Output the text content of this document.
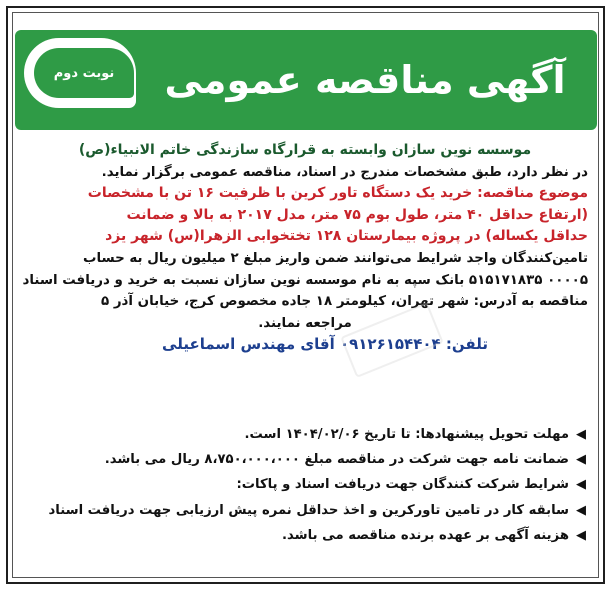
نوبت دوم	آگهی مناقصه عمومی
موسسه نوین سازان وابسته به قرارگاه سازندگی خاتم الانبیاء(ص)
در نظر دارد، طبق مشخصات مندرج در اسناد، مناقصه عمومی برگزار نماید.
موضوع مناقصه: خرید یک دستگاه تاور کرین با ظرفیت ۱۶ تن با مشخصات
(ارتفاع حداقل ۴۰ متر، طول بوم ۷۵ متر، مدل ۲۰۱۷ به بالا و ضمانت
حداقل یکساله) در پروژه بیمارستان ۱۲۸ تختخوابی الزهرا(س) شهر یزد
تامین‌کنندگان واجد شرایط می‌توانند ضمن واریز مبلغ ۲ میلیون ریال به حساب
۰۰۰۰۵ ۵۱۵۱۷۱۸۳۵ بانک سپه به نام موسسه نوین سازان نسبت به خرید و دریافت اسناد
مناقصه به آدرس: شهر تهران، کیلومتر ۱۸ جاده مخصوص کرج، خیابان آذر ۵
مراجعه نمایند.
تلفن: ۰۹۱۲۶۱۵۴۴۰۴ آقای مهندس اسماعیلی
◀
مهلت تحویل پیشنهادها: تا تاریخ ۱۴۰۴/۰۲/۰۶ است.
◀
ضمانت نامه جهت شرکت در مناقصه مبلغ ۸،۷۵۰،۰۰۰،۰۰۰ ریال می باشد.
◀
شرایط شرکت کنندگان جهت دریافت اسناد و پاکات:
◀
سابقه کار در تامین تاورکرین و اخذ حداقل نمره پیش ارزیابی جهت دریافت اسناد
◀
هزینه آگهی بر عهده برنده مناقصه می باشد.
